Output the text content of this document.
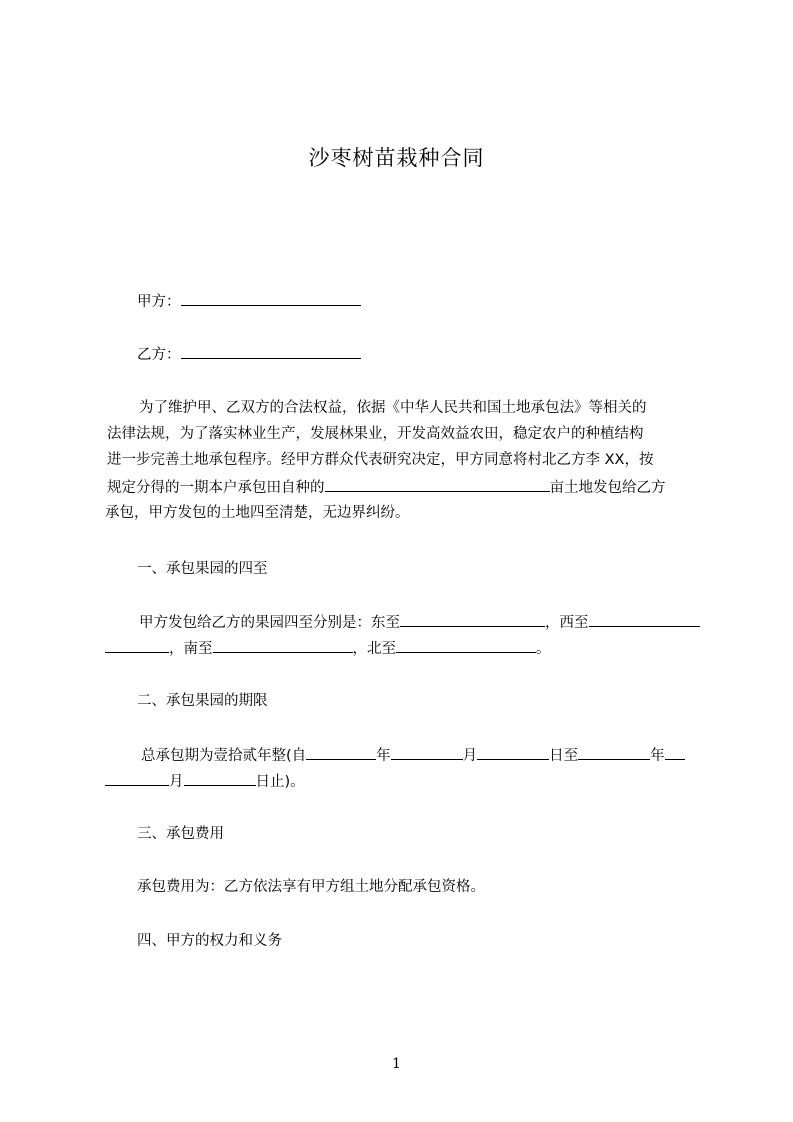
沙枣树苗栽种合同
甲方：
乙方：
为了维护甲、乙双方的合法权益，依据《中华人民共和国土地承包法》等相关的
法律法规，为了落实林业生产，发展林果业，开发高效益农田，稳定农户的种植结构
进一步完善土地承包程序。经甲方群众代表研究决定，甲方同意将村北乙方李 XX，按
规定分得的一期本户承包田自种的	亩土地发包给乙方
承包，甲方发包的土地四至清楚，无边界纠纷。
一、承包果园的四至
甲方发包给乙方的果园四至分别是：东至	，西至
，南至	，北至	。
二、承包果园的期限
总承包期为壹拾贰年整(自	年	月	日至	年
月	日止)。
三、承包费用
承包费用为：乙方依法享有甲方组土地分配承包资格。
四、甲方的权力和义务
1
